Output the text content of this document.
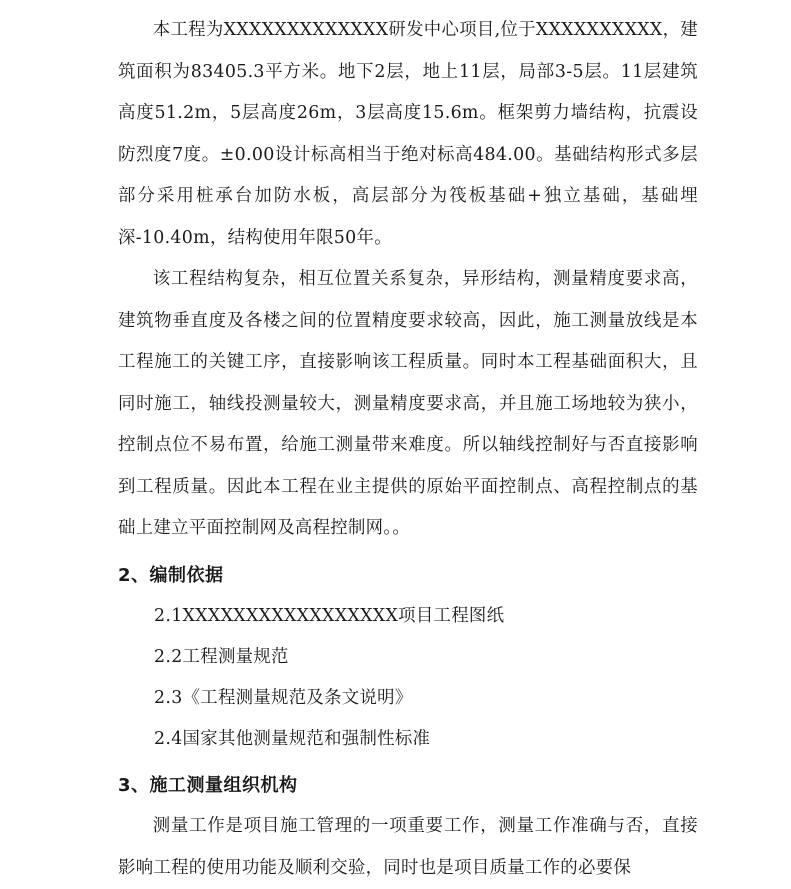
本工程为XXXXXXXXXXXXX研发中心项目,位于XXXXXXXXXX，建筑面积为83405.3平方米。地下2层，地上11层，局部3-5层。11层建筑高度51.2m，5层高度26m，3层高度15.6m。框架剪力墙结构，抗震设防烈度7度。±0.00设计标高相当于绝对标高484.00。基础结构形式多层部分采用桩承台加防水板，高层部分为筏板基础+独立基础，基础埋深-10.40m，结构使用年限50年。

该工程结构复杂，相互位置关系复杂，异形结构，测量精度要求高，建筑物垂直度及各楼之间的位置精度要求较高，因此，施工测量放线是本工程施工的关键工序，直接影响该工程质量。同时本工程基础面积大，且同时施工，轴线投测量较大，测量精度要求高，并且施工场地较为狭小，控制点位不易布置，给施工测量带来难度。所以轴线控制好与否直接影响到工程质量。因此本工程在业主提供的原始平面控制点、高程控制点的基础上建立平面控制网及高程控制网。。

2、编制依据
2.1XXXXXXXXXXXXXXXXX项目工程图纸
2.2工程测量规范
2.3《工程测量规范及条文说明》
2.4国家其他测量规范和强制性标准
3、施工测量组织机构

测量工作是项目施工管理的一项重要工作，测量工作准确与否，直接影响工程的使用功能及顺利交验，同时也是项目质量工作的必要保
